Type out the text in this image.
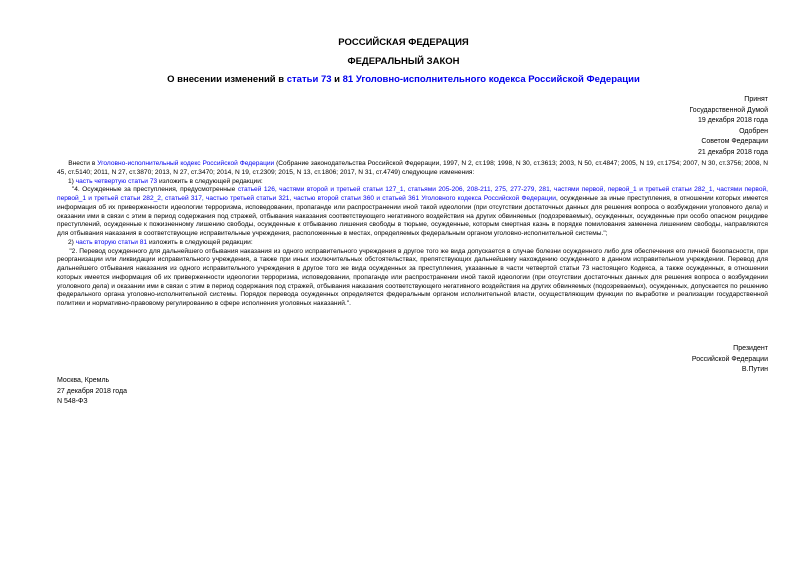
РОССИЙСКАЯ ФЕДЕРАЦИЯ
ФЕДЕРАЛЬНЫЙ ЗАКОН
О внесении изменений в статьи 73 и 81 Уголовно-исполнительного кодекса Российской Федерации
Принят
Государственной Думой
19 декабря 2018 года
Одобрен
Советом Федерации
21 декабря 2018 года

Внести в Уголовно-исполнительный кодекс Российской Федерации (Собрание законодательства Российской Федерации, 1997, N 2, ст.198; 1998, N 30, ст.3613; 2003, N 50, ст.4847; 2005, N 19, ст.1754; 2007, N 30, ст.3756; 2008, N 45, ст.5140; 2011, N 27, ст.3870; 2013, N 27, ст.3470; 2014, N 19, ст.2309; 2015, N 13, ст.1806; 2017, N 31, ст.4749) следующие изменения:

1) часть четвертую статьи 73 изложить в следующей редакции:

"4. Осужденные за преступления, предусмотренные статьей 126, частями второй и третьей статьи 127_1, статьями 205-206, 208-211, 275, 277-279, 281, частями первой, первой_1 и третьей статьи 282_1, частями первой, первой_1 и третьей статьи 282_2, статьей 317, частью третьей статьи 321, частью второй статьи 360 и статьей 361 Уголовного кодекса Российской Федерации, осужденные за иные преступления, в отношении которых имеется информация об их приверженности идеологии терроризма, исповедовании, пропаганде или распространении иной такой идеологии (при отсутствии достаточных данных для решения вопроса о возбуждении уголовного дела) и оказании ими в связи с этим в период содержания под стражей, отбывания наказания соответствующего негативного воздействия на других обвиняемых (подозреваемых), осужденных, осужденные при особо опасном рецидиве преступлений, осужденные к пожизненному лишению свободы, осужденные к отбыванию лишения свободы в тюрьме, осужденные, которым смертная казнь в порядке помилования заменена лишением свободы, направляются для отбывания наказания в соответствующие исправительные учреждения, расположенные в местах, определяемых федеральным органом уголовно-исполнительной системы.";

2) часть вторую статьи 81 изложить в следующей редакции:

"2. Перевод осужденного для дальнейшего отбывания наказания из одного исправительного учреждения в другое того же вида допускается в случае болезни осужденного либо для обеспечения его личной безопасности, при реорганизации или ликвидации исправительного учреждения, а также при иных исключительных обстоятельствах, препятствующих дальнейшему нахождению осужденного в данном исправительном учреждении. Перевод для дальнейшего отбывания наказания из одного исправительного учреждения в другое того же вида осужденных за преступления, указанные в части четвертой статьи 73 настоящего Кодекса, а также осужденных, в отношении которых имеется информация об их приверженности идеологии терроризма, исповедовании, пропаганде или распространении иной такой идеологии (при отсутствии достаточных данных для решения вопроса о возбуждении уголовного дела) и оказании ими в связи с этим в период содержания под стражей, отбывания наказания соответствующего негативного воздействия на других обвиняемых (подозреваемых), осужденных, допускается по решению федерального органа уголовно-исполнительной системы. Порядок перевода осужденных определяется федеральным органом исполнительной власти, осуществляющим функции по выработке и реализации государственной политики и нормативно-правовому регулированию в сфере исполнения уголовных наказаний.".

Президент
Российской Федерации
В.Путин
Москва, Кремль
27 декабря 2018 года
N 548-ФЗ
